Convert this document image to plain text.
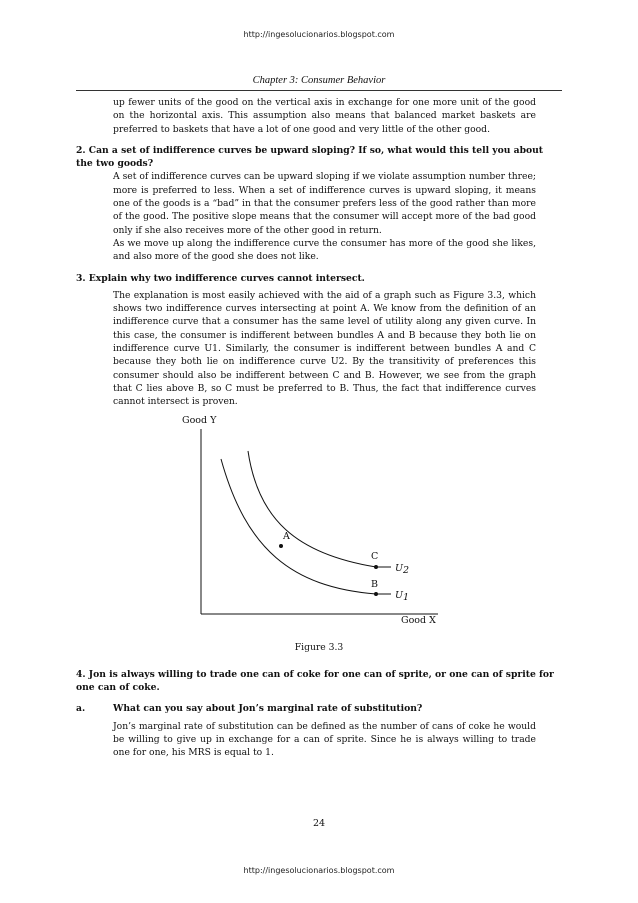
http://ingesolucionarios.blogspot.com
Chapter 3: Consumer Behavior

up fewer units of the good on the vertical axis in exchange for one more unit of the good on the horizontal axis. This assumption also means that balanced market baskets are preferred to baskets that have a lot of one good and very little of the other good.

2. Can a set of indifference curves be upward sloping? If so, what would this tell you about the two goods?

A set of indifference curves can be upward sloping if we violate assumption number three; more is preferred to less. When a set of indifference curves is upward sloping, it means one of the goods is a “bad” in that the consumer prefers less of the good rather than more of the good. The positive slope means that the consumer will accept more of the bad good only if she also receives more of the other good in return.
As we move up along the indifference curve the consumer has more of the good she likes, and also more of the good she does not like.

3. Explain why two indifference curves cannot intersect.

The explanation is most easily achieved with the aid of a graph such as Figure 3.3, which shows two indifference curves intersecting at point A. We know from the definition of an indifference curve that a consumer has the same level of utility along any given curve. In this case, the consumer is indifferent between bundles A and B because they both lie on indifference curve U1. Similarly, the consumer is indifferent between bundles A and C because they both lie on indifference curve U2. By the transitivity of preferences this consumer should also be indifferent between C and B. However, we see from the graph that C lies above B, so C must be preferred to B. Thus, the fact that indifference curves cannot intersect is proven.

Good Y
Good X
A
B
C
U1
U2

Figure 3.3

4. Jon is always willing to trade one can of coke for one can of sprite, or one can of sprite for one can of coke.

a.	What can you say about Jon’s marginal rate of substitution?

Jon’s marginal rate of substitution can be defined as the number of cans of coke he would be willing to give up in exchange for a can of sprite. Since he is always willing to trade one for one, his MRS is equal to 1.

24
http://ingesolucionarios.blogspot.com
